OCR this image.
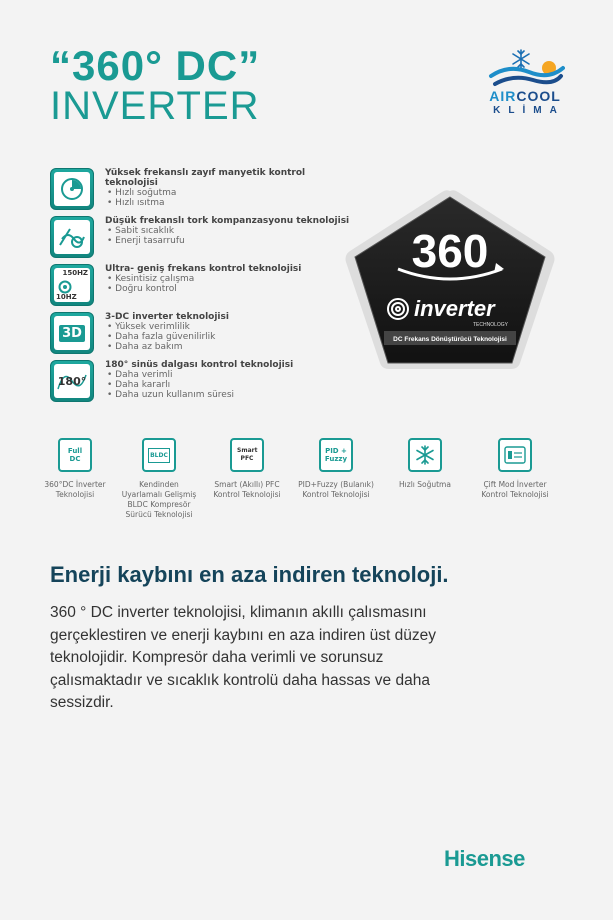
“360° DC”
INVERTER	AIRCOOL
KLİMA
Yüksek frekanslı zayıf manyetik kontrol teknolojisi
• Hızlı soğutma
• Hızlı ısıtma
Düşük frekanslı tork kompanzasyonu teknolojisi
• Sabit sıcaklık
• Enerji tasarrufu
150HZ
10HZ
Ultra- geniş frekans kontrol teknolojisi
• Kesintisiz çalışma
• Doğru kontrol
3D
3-DC inverter teknolojisi
• Yüksek verimlilik
• Daha fazla güvenilirlik
• Daha az bakım
180°
180° sinüs dalgası kontrol teknolojisi
• Daha verimli
• Daha kararlı
• Daha uzun kullanım süresi
360
inverter
TECHNOLOGY
DC Frekans Dönüştürücü Teknolojisi
Full DC
360°DC İnverter Teknolojisi
BLDC
Kendinden Uyarlamalı Gelişmiş BLDC Kompresör Sürücü Teknolojisi
Smart PFC
Smart (Akıllı) PFC Kontrol Teknolojisi
PID + Fuzzy
PID+Fuzzy (Bulanık) Kontrol Teknolojisi
Hızlı Soğutma	Çift Mod İnverter Kontrol Teknolojisi
Enerji kaybını en aza indiren teknoloji.
360 ° DC inverter teknolojisi, klimanın akıllı çalısmasını gerçeklestiren ve enerji kaybını en aza indiren üst düzey teknolojidir. Kompresör daha verimli ve sorunsuz çalısmaktadır ve sıcaklık kontrolü daha hassas ve daha sessizdir.
Hisense
